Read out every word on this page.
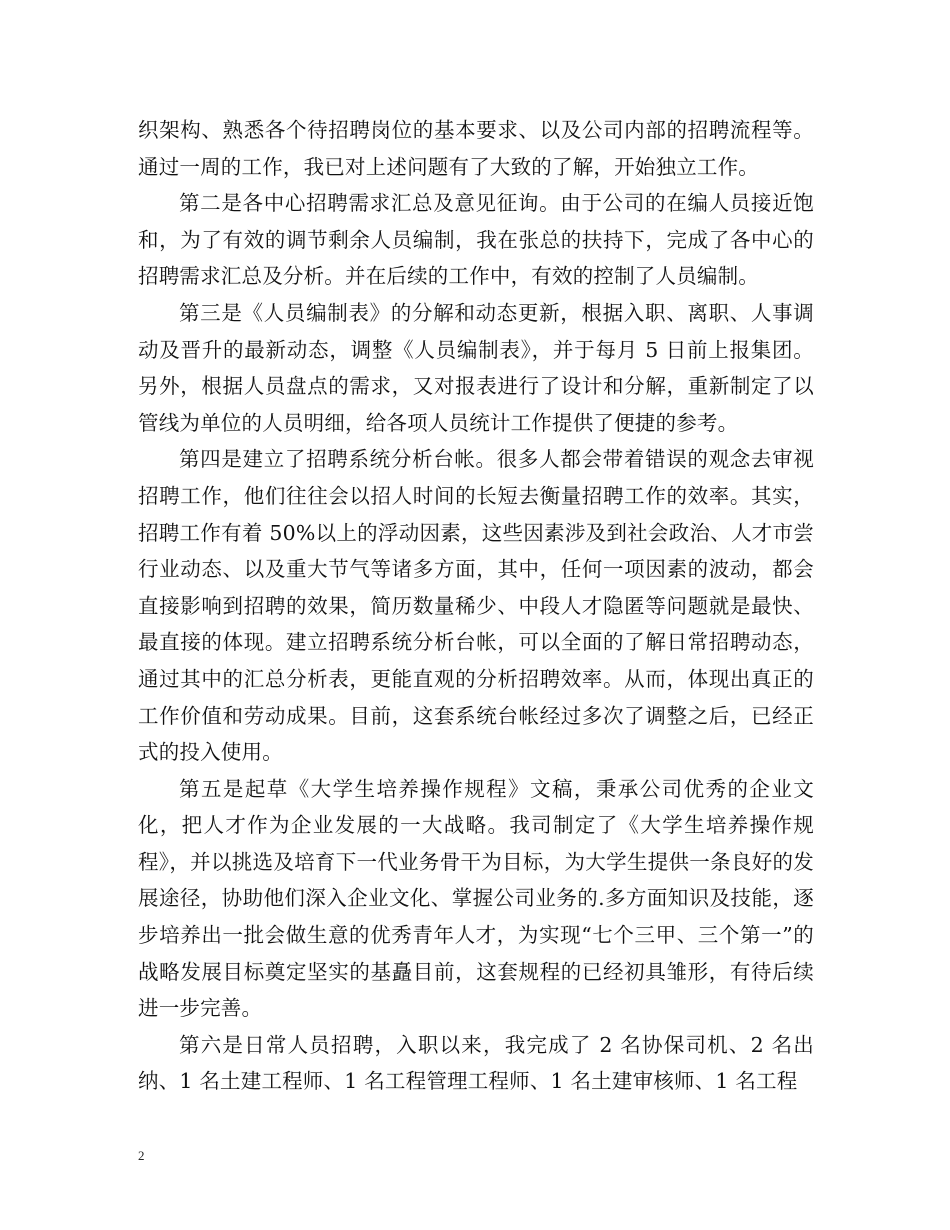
织架构、熟悉各个待招聘岗位的基本要求、以及公司内部的招聘流程等。通过一周的工作，我已对上述问题有了大致的了解，开始独立工作。

第二是各中心招聘需求汇总及意见征询。由于公司的在编人员接近饱和，为了有效的调节剩余人员编制，我在张总的扶持下，完成了各中心的招聘需求汇总及分析。并在后续的工作中，有效的控制了人员编制。

第三是《人员编制表》的分解和动态更新，根据入职、离职、人事调动及晋升的最新动态，调整《人员编制表》，并于每月 5 日前上报集团。另外，根据人员盘点的需求，又对报表进行了设计和分解，重新制定了以管线为单位的人员明细，给各项人员统计工作提供了便捷的参考。

第四是建立了招聘系统分析台帐。很多人都会带着错误的观念去审视招聘工作，他们往往会以招人时间的长短去衡量招聘工作的效率。其实，招聘工作有着 50%以上的浮动因素，这些因素涉及到社会政治、人才市尝行业动态、以及重大节气等诸多方面，其中，任何一项因素的波动，都会直接影响到招聘的效果，简历数量稀少、中段人才隐匿等问题就是最快、最直接的体现。建立招聘系统分析台帐，可以全面的了解日常招聘动态，通过其中的汇总分析表，更能直观的分析招聘效率。从而，体现出真正的工作价值和劳动成果。目前，这套系统台帐经过多次了调整之后，已经正式的投入使用。

第五是起草《大学生培养操作规程》文稿，秉承公司优秀的企业文化，把人才作为企业发展的一大战略。我司制定了《大学生培养操作规程》，并以挑选及培育下一代业务骨干为目标，为大学生提供一条良好的发展途径，协助他们深入企业文化、掌握公司业务的.多方面知识及技能，逐步培养出一批会做生意的优秀青年人才，为实现“七个三甲、三个第一”的战略发展目标奠定坚实的基矗目前，这套规程的已经初具雏形，有待后续进一步完善。

第六是日常人员招聘，入职以来，我完成了 2 名协保司机、2 名出纳、1 名土建工程师、1 名工程管理工程师、1 名土建审核师、1 名工程

2
